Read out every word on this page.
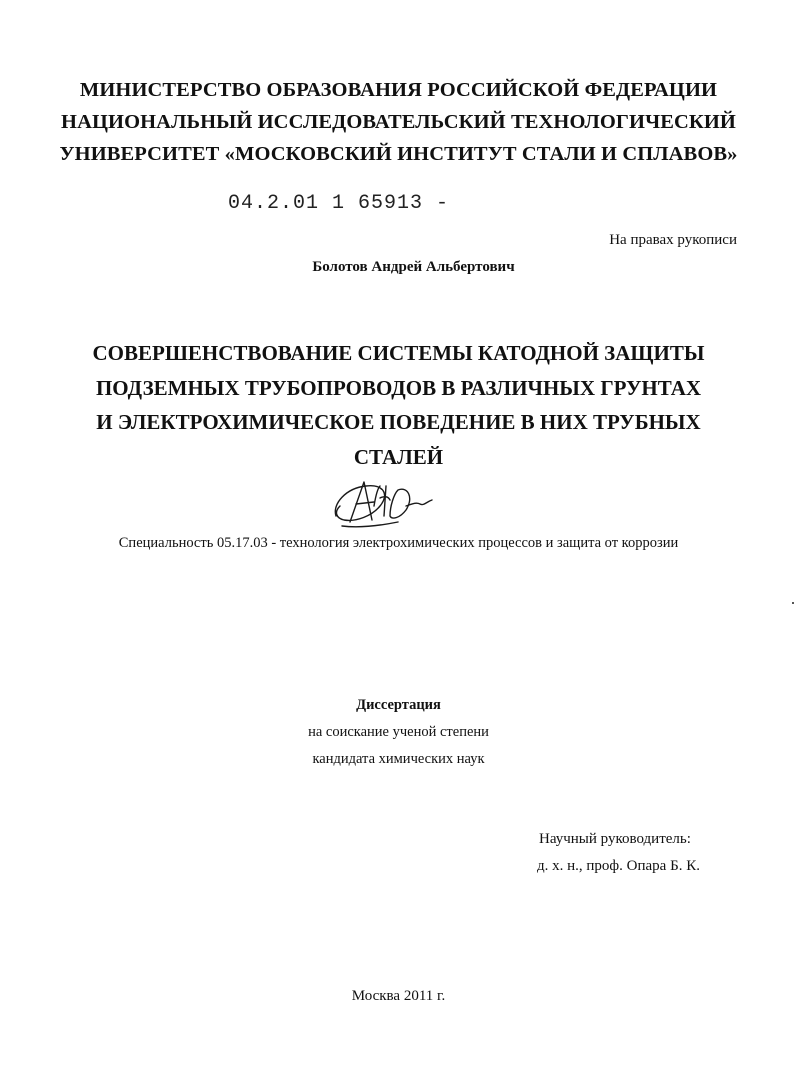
МИНИСТЕРСТВО ОБРАЗОВАНИЯ РОССИЙСКОЙ ФЕДЕРАЦИИ
НАЦИОНАЛЬНЫЙ ИССЛЕДОВАТЕЛЬСКИЙ ТЕХНОЛОГИЧЕСКИЙ
УНИВЕРСИТЕТ «МОСКОВСКИЙ ИНСТИТУТ СТАЛИ И СПЛАВОВ»
04.2.01 1 65913 -
На правах рукописи
Болотов Андрей Альбертович
СОВЕРШЕНСТВОВАНИЕ СИСТЕМЫ КАТОДНОЙ ЗАЩИТЫ
ПОДЗЕМНЫХ ТРУБОПРОВОДОВ В РАЗЛИЧНЫХ ГРУНТАХ
И ЭЛЕКТРОХИМИЧЕСКОЕ ПОВЕДЕНИЕ В НИХ ТРУБНЫХ
СТАЛЕЙ
Специальность 05.17.03 - технология электрохимических процессов и защита от коррозии
Диссертация
на соискание ученой степени
кандидата химических наук
Научный руководитель:
д. х. н., проф. Опара Б. К.
Москва 2011 г.
